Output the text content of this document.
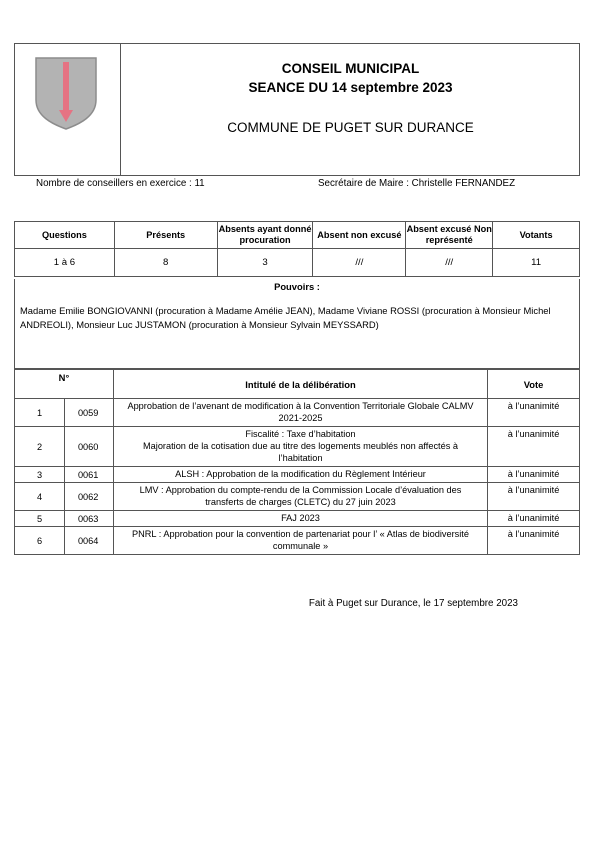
CONSEIL MUNICIPAL
SEANCE DU 14 septembre 2023
COMMUNE DE PUGET SUR DURANCE
Nombre de conseillers en exercice : 11	Secrétaire de Maire : Christelle FERNANDEZ
Questions	Présents	Absents ayant donné procuration	Absent non excusé	Absent excusé Non représenté	Votants
1 à 6	8	3	///	///	11
Pouvoirs :
Madame Emilie BONGIOVANNI (procuration à Madame Amélie JEAN), Madame Viviane ROSSI (procuration à Monsieur Michel ANDREOLI), Monsieur Luc JUSTAMON (procuration à Monsieur Sylvain MEYSSARD)
N°		Intitulé de la délibération	Vote
1	0059	Approbation de l’avenant de modification à la Convention Territoriale Globale CALMV 2021-2025	à l’unanimité
2	0060	Fiscalité : Taxe d’habitation
Majoration de la cotisation due au titre des logements meublés non affectés à l’habitation	à l’unanimité
3	0061	ALSH : Approbation de la modification du Règlement Intérieur	à l’unanimité
4	0062	LMV : Approbation du compte-rendu de la Commission Locale d’évaluation des transferts de charges (CLETC) du 27 juin 2023	à l’unanimité
5	0063	FAJ 2023	à l’unanimité
6	0064	PNRL : Approbation pour la convention de partenariat pour l’ « Atlas de biodiversité communale »	à l’unanimité
Fait à Puget sur Durance, le 17 septembre 2023
